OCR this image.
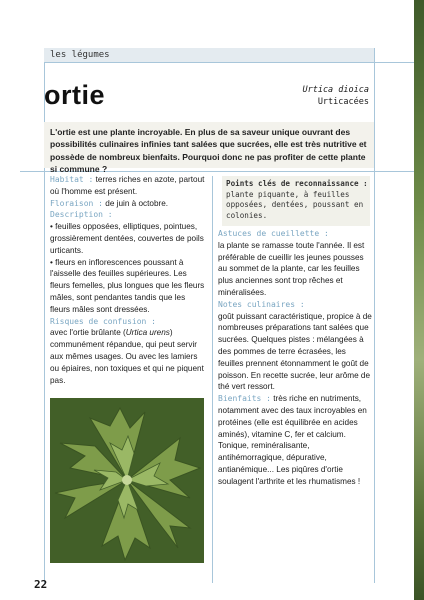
les légumes
ortie	Urtica dioica
Urticacées
L'ortie est une plante incroyable. En plus de sa saveur unique ouvrant des possibilités culinaires infinies tant salées que sucrées, elle est très nutritive et possède de nombreux bienfaits. Pourquoi donc ne pas profiter de cette plante si commune ?
Habitat : terres riches en azote, partout où l'homme est présent.
Floraison : de juin à octobre.
Description :
• feuilles opposées, elliptiques, pointues, grossièrement dentées, couvertes de poils urticants.
• fleurs en inflorescences poussant à l'aisselle des feuilles supérieures. Les fleurs femelles, plus longues que les fleurs mâles, sont pendantes tandis que les fleurs mâles sont dressées.
Risques de confusion :
avec l'ortie brûlante (Urtica urens) communément répandue, qui peut servir aux mêmes usages. Ou avec les lamiers ou épiaires, non toxiques et qui ne piquent pas.
Points clés de reconnaissance :
plante piquante, à feuilles opposées, dentées, poussant en colonies.
Astuces de cueillette :
la plante se ramasse toute l'année. Il est préférable de cueillir les jeunes pousses au sommet de la plante, car les feuilles plus anciennes sont trop rêches et minéralisées.
Notes culinaires :
goût puissant caractéristique, propice à de nombreuses préparations tant salées que sucrées. Quelques pistes : mélangées à des pommes de terre écrasées, les feuilles prennent étonnamment le goût de poisson. En recette sucrée, leur arôme de thé vert ressort.
Bienfaits : très riche en nutriments, notamment avec des taux incroyables en protéines (elle est équilibrée en acides aminés), vitamine C, fer et calcium. Tonique, reminéralisante, antihémorragique, dépurative, antianémique... Les piqûres d'ortie soulagent l'arthrite et les rhumatismes !
22
